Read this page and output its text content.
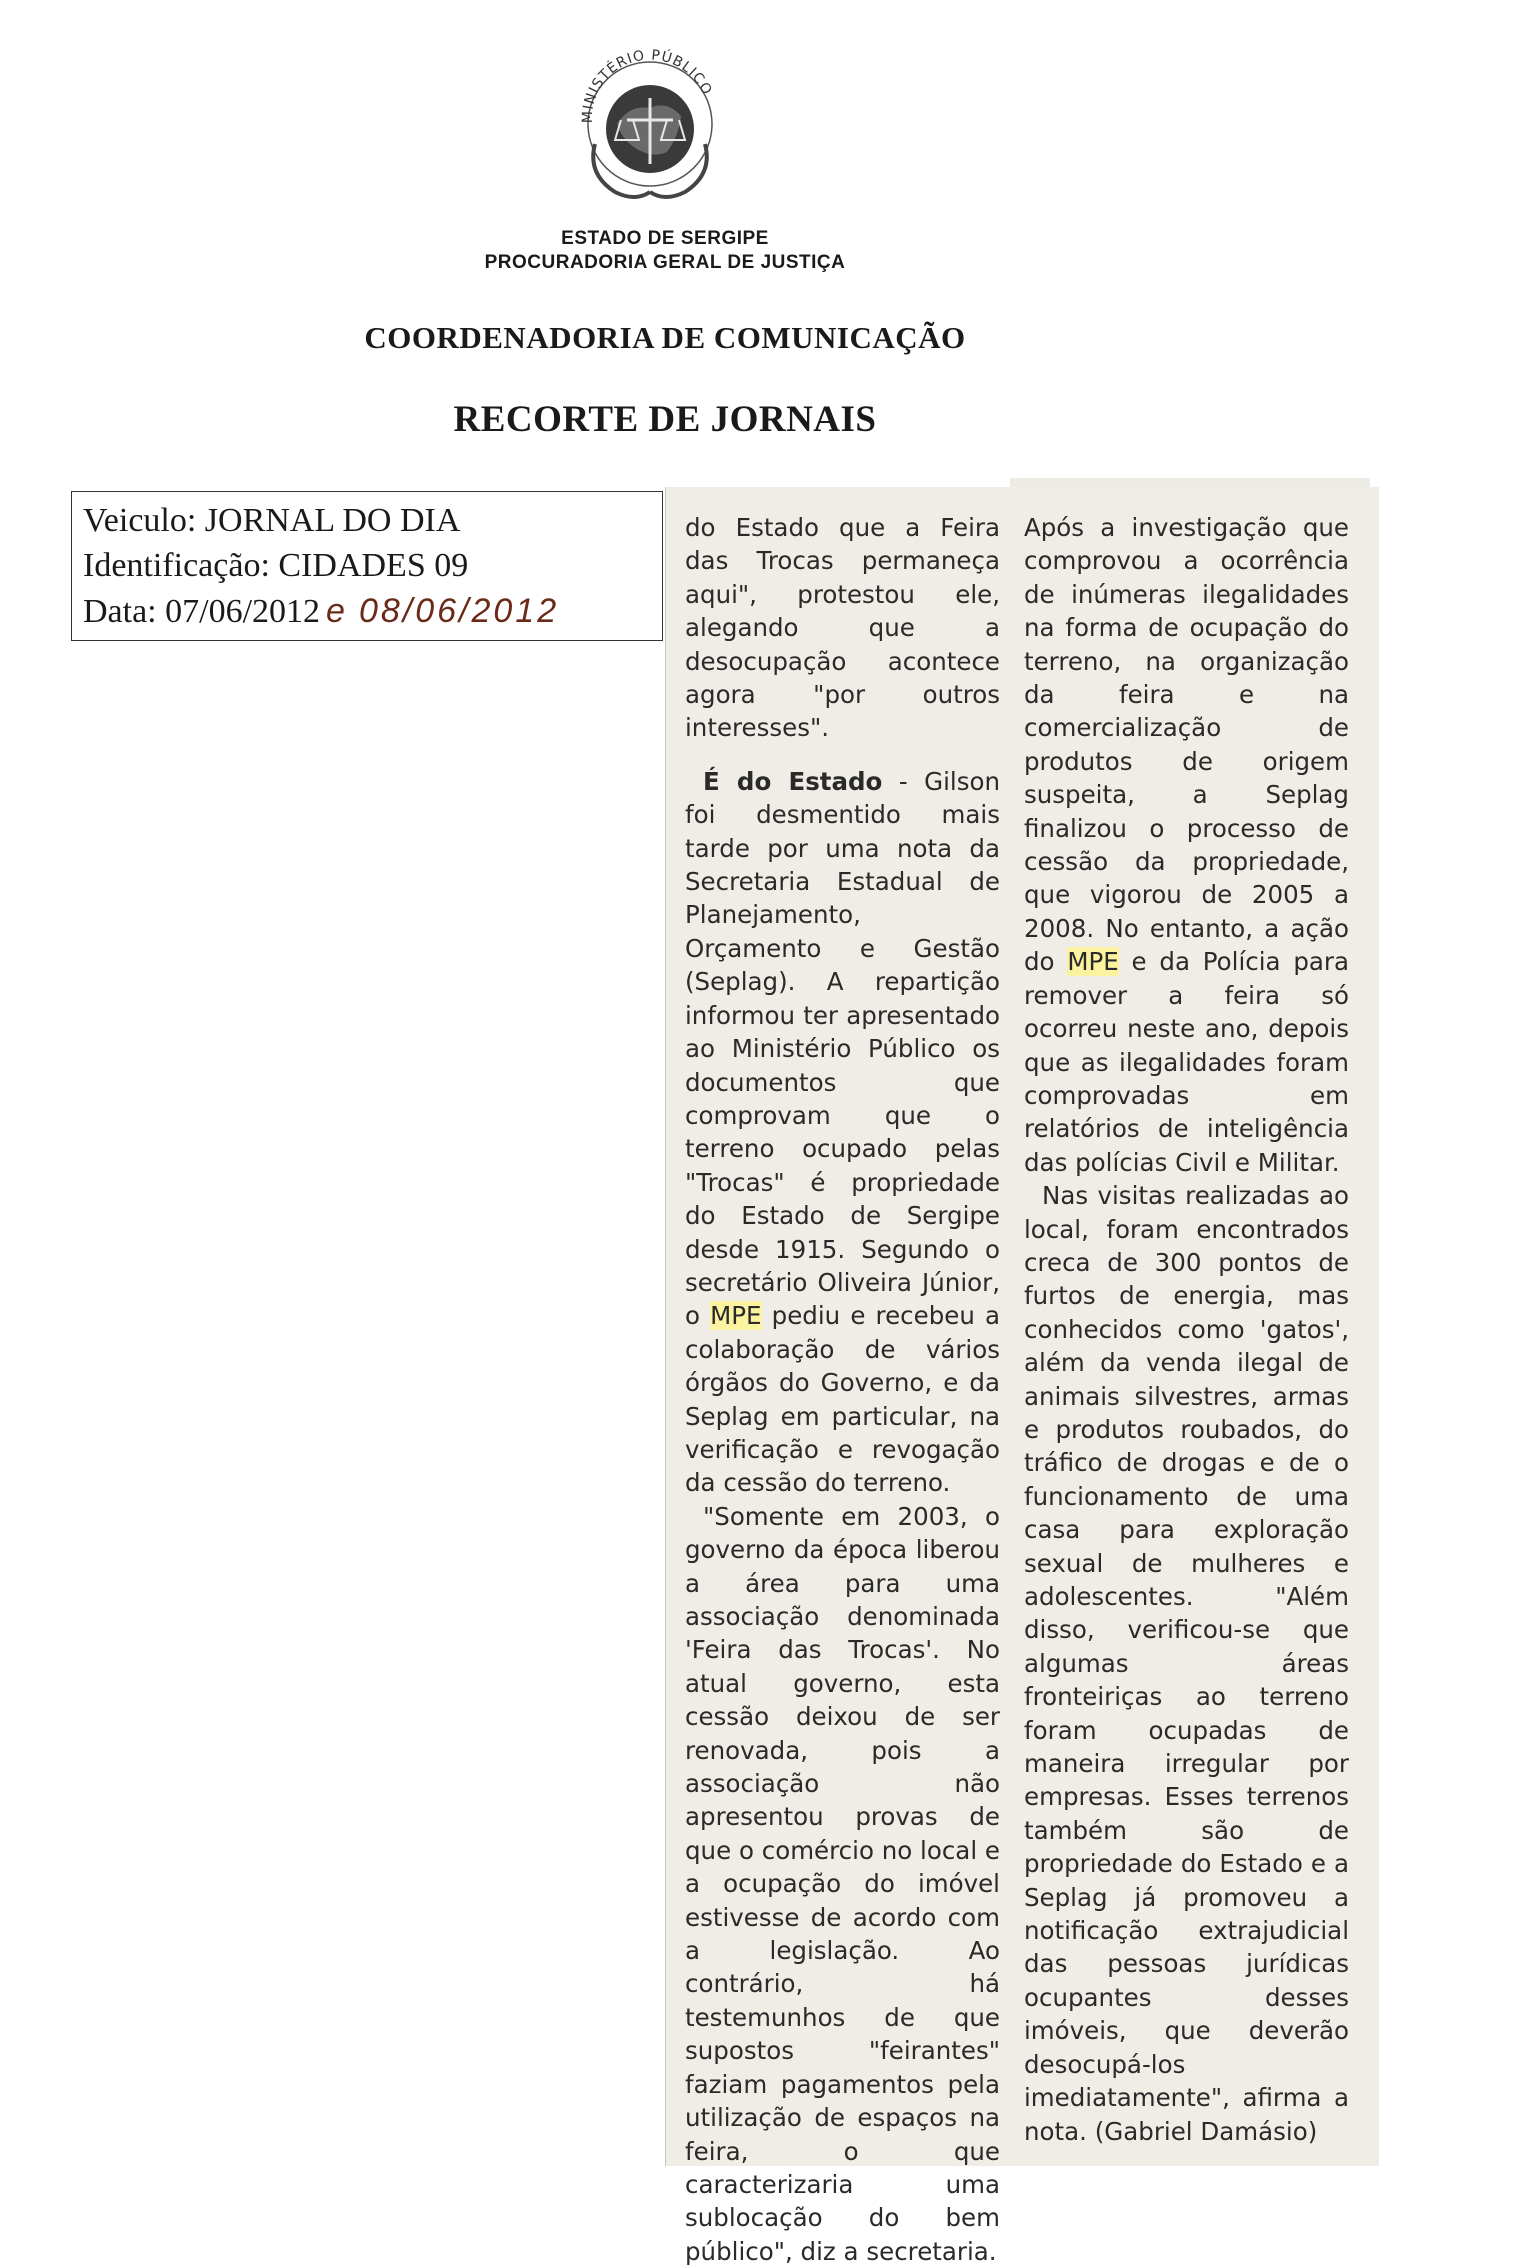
MINISTÉRIO PÚBLICO
ESTADO DE SERGIPE
PROCURADORIA GERAL DE JUSTIÇA
COORDENADORIA DE COMUNICAÇÃO
RECORTE DE JORNAIS
Veiculo: JORNAL DO DIA
Identificação: CIDADES 09
Data: 07/06/2012 e 08/06/2012

do Estado que a Feira das Trocas permaneça aqui", protestou ele, alegando que a desocupação acontece agora "por outros interesses".

É do Estado - Gilson foi desmentido mais tarde por uma nota da Secretaria Estadual de Planejamento, Orçamento e Gestão (Seplag). A repartição informou ter apresentado ao Ministério Público os documentos que comprovam que o terreno ocupado pelas "Trocas" é propriedade do Estado de Sergipe desde 1915. Segundo o secretário Oliveira Júnior, o MPE pediu e recebeu a colaboração de vários órgãos do Governo, e da Seplag em particular, na verificação e revogação da cessão do terreno.

"Somente em 2003, o governo da época liberou a área para uma associação denominada 'Feira das Trocas'. No atual governo, esta cessão deixou de ser renovada, pois a associação não apresentou provas de que o comércio no local e a ocupação do imóvel estivesse de acordo com a legislação. Ao contrário, há testemunhos de que supostos "feirantes" faziam pagamentos pela utilização de espaços na feira, o que caracterizaria uma sublocação do bem público", diz a secretaria.

Após a investigação que comprovou a ocorrência de inúmeras ilegalidades na forma de ocupação do terreno, na organização da feira e na comercialização de produtos de origem suspeita, a Seplag finalizou o processo de cessão da propriedade, que vigorou de 2005 a 2008. No entanto, a ação do MPE e da Polícia para remover a feira só ocorreu neste ano, depois que as ilegalidades foram comprovadas em relatórios de inteligência das polícias Civil e Militar.

Nas visitas realizadas ao local, foram encontrados creca de 300 pontos de furtos de energia, mas conhecidos como 'gatos', além da venda ilegal de animais silvestres, armas e produtos roubados, do tráfico de drogas e de o funcionamento de uma casa para exploração sexual de mulheres e adolescentes. "Além disso, verificou-se que algumas áreas fronteiriças ao terreno foram ocupadas de maneira irregular por empresas. Esses terrenos também são de propriedade do Estado e a Seplag já promoveu a notificação extrajudicial das pessoas jurídicas ocupantes desses imóveis, que deverão desocupá-los imediatamente", afirma a nota. (Gabriel Damásio)
